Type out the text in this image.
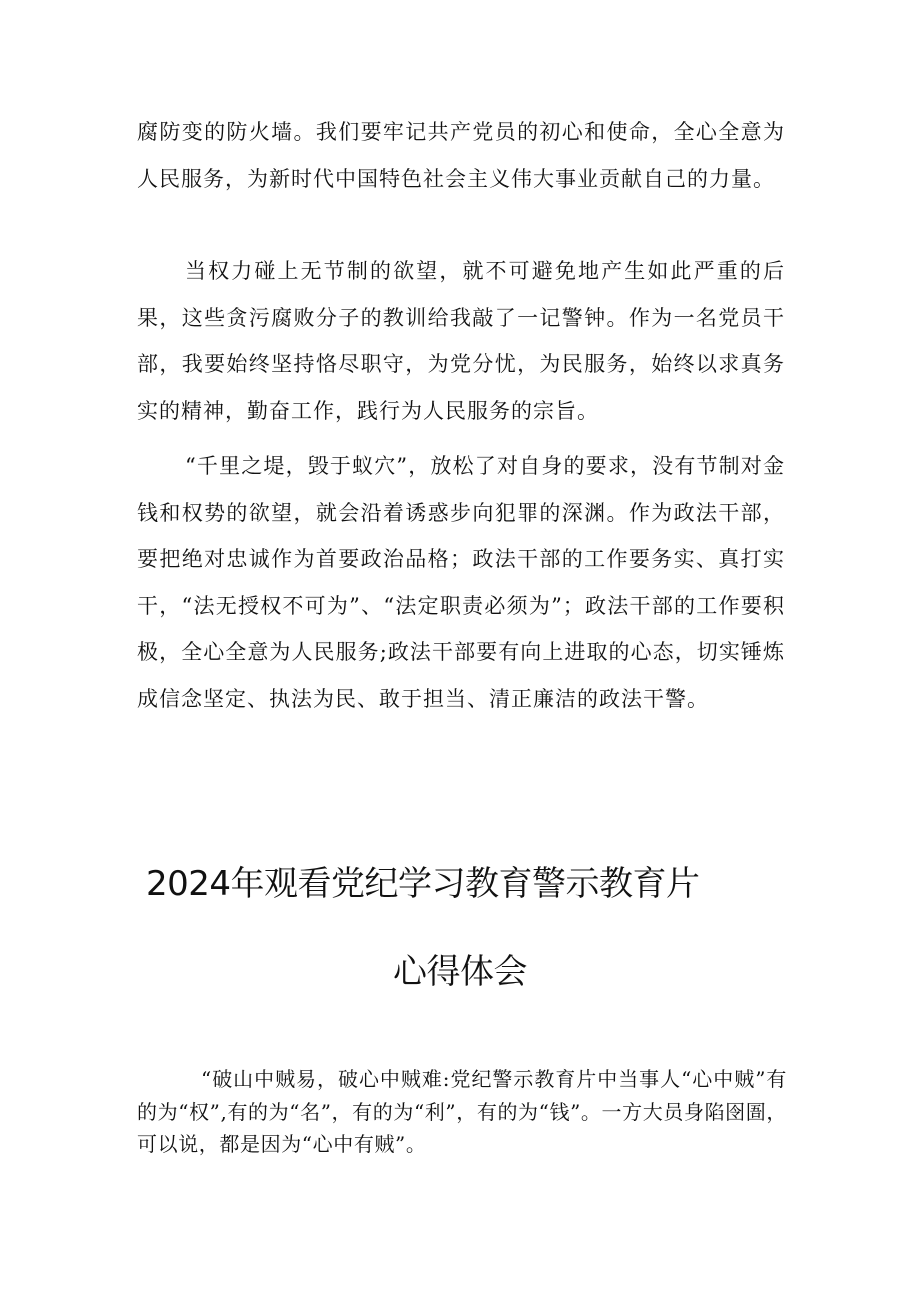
腐防变的防火墙。我们要牢记共产党员的初心和使命，全心全意为人民服务，为新时代中国特色社会主义伟大事业贡献自己的力量。

当权力碰上无节制的欲望，就不可避免地产生如此严重的后果，这些贪污腐败分子的教训给我敲了一记警钟。作为一名党员干部，我要始终坚持恪尽职守，为党分忧，为民服务，始终以求真务实的精神，勤奋工作，践行为人民服务的宗旨。

“千里之堤，毁于蚁穴”，放松了对自身的要求，没有节制对金钱和权势的欲望，就会沿着诱惑步向犯罪的深渊。作为政法干部，要把绝对忠诚作为首要政治品格；政法干部的工作要务实、真打实干，“法无授权不可为”、“法定职责必须为”；政法干部的工作要积极，全心全意为人民服务;政法干部要有向上进取的心态，切实锤炼成信念坚定、执法为民、敢于担当、清正廉洁的政法干警。

2024年观看党纪学习教育警示教育片
心得体会

“破山中贼易，破心中贼难:党纪警示教育片中当事人“心中贼”有的为“权”,有的为“名”，有的为“利”，有的为“钱”。一方大员身陷囹圄，可以说，都是因为“心中有贼”。
